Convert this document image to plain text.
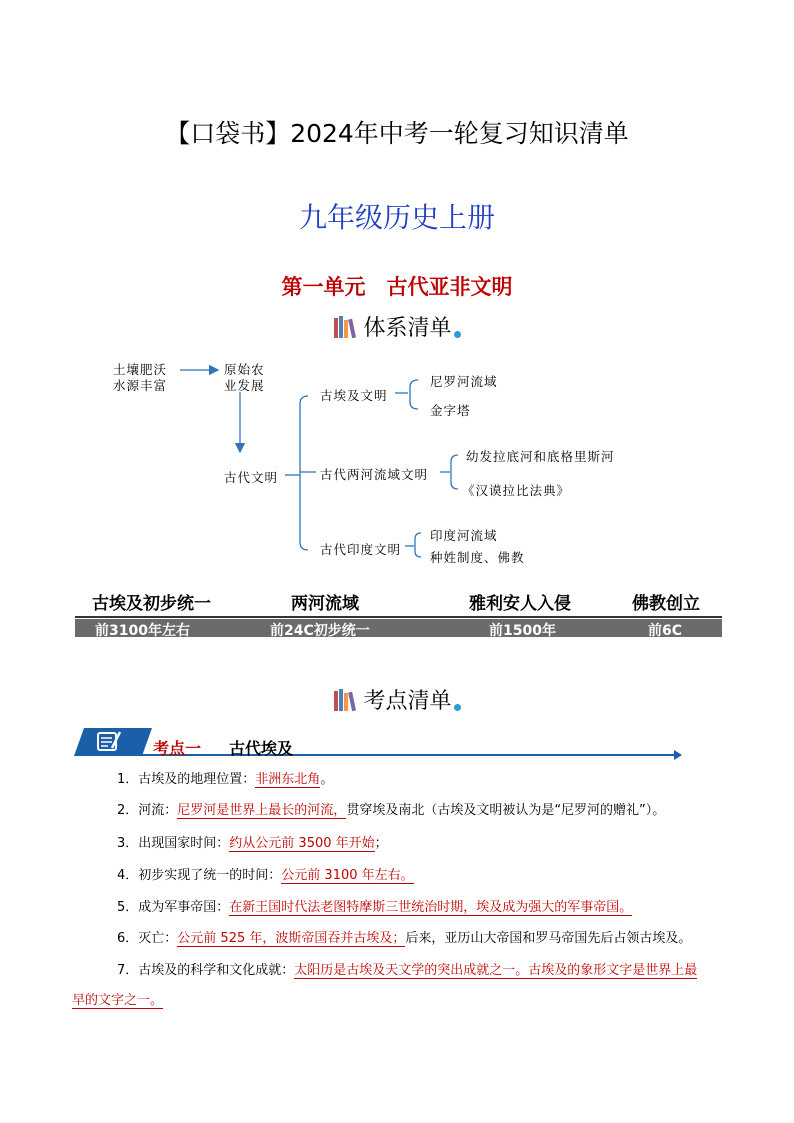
【口袋书】2024年中考一轮复习知识清单
九年级历史上册
第一单元　古代亚非文明
体系清单
土壤肥沃
水源丰富
原始农
业发展
古代文明
古埃及文明
尼罗河流域
金字塔
古代两河流域文明
幼发拉底河和底格里斯河
《汉谟拉比法典》
古代印度文明
印度河流域
种姓制度、佛教
古埃及初步统一	两河流域	雅利安人入侵	佛教创立
前3100年左右	前24C初步统一	前1500年	前6C
考点清单
考点一 古代埃及
1．古埃及的地理位置：非洲东北角。
2．河流：尼罗河是世界上最长的河流，贯穿埃及南北（古埃及文明被认为是“尼罗河的赠礼”）。
3．出现国家时间：约从公元前 3500 年开始；
4．初步实现了统一的时间：公元前 3100 年左右。
5．成为军事帝国：在新王国时代法老图特摩斯三世统治时期，埃及成为强大的军事帝国。
6．灭亡：公元前 525 年，波斯帝国吞并古埃及；后来，亚历山大帝国和罗马帝国先后占领古埃及。
7．古埃及的科学和文化成就：太阳历是古埃及天文学的突出成就之一。古埃及的象形文字是世界上最
早的文字之一。
